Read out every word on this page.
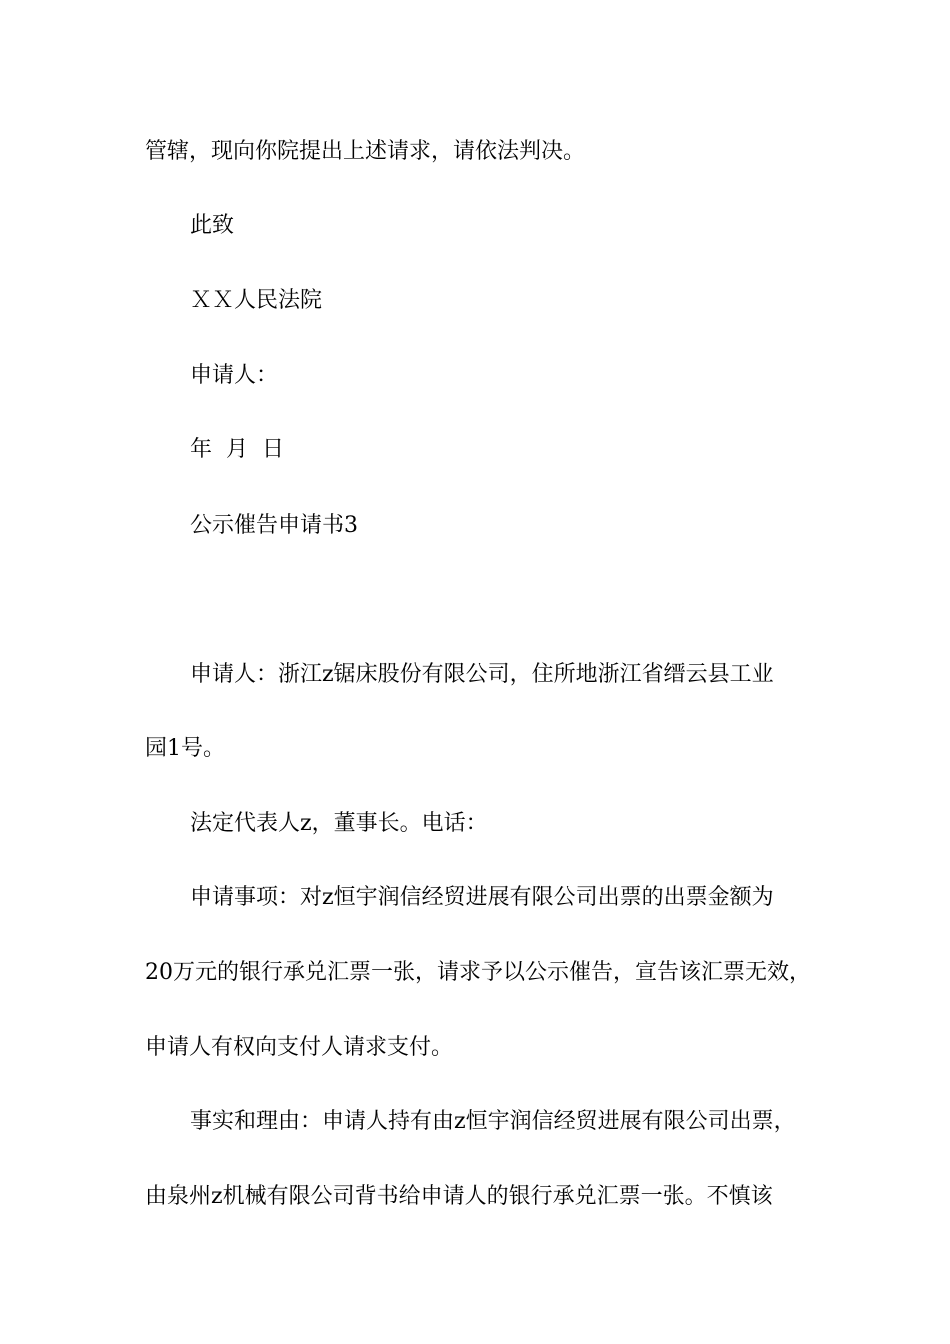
管辖，现向你院提出上述请求，请依法判决。
此致
ＸＸ人民法院
申请人：
年  月  日
公示催告申请书3
申请人：浙江z锯床股份有限公司，住所地浙江省缙云县工业
园1号。
法定代表人z，董事长。电话：
申请事项：对z恒宇润信经贸进展有限公司出票的出票金额为
20万元的银行承兑汇票一张，请求予以公示催告，宣告该汇票无效，
申请人有权向支付人请求支付。
事实和理由：申请人持有由z恒宇润信经贸进展有限公司出票，
由泉州z机械有限公司背书给申请人的银行承兑汇票一张。不慎该
